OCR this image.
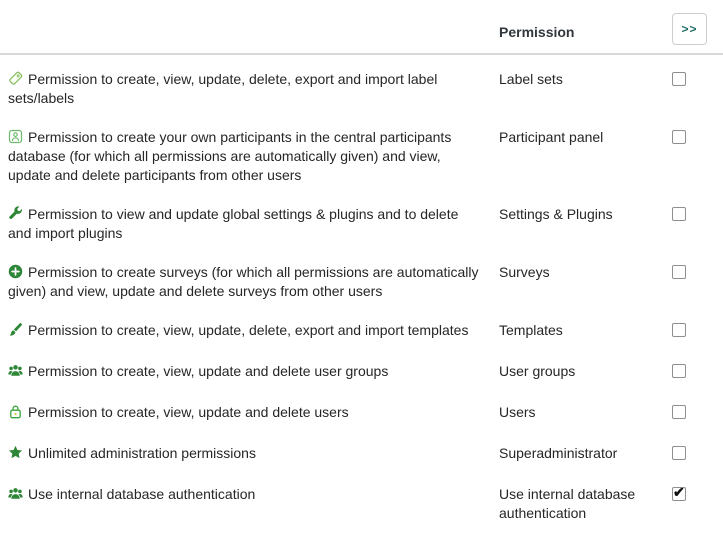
	Permission	>>

Permission to create, view, update, delete, export and import label sets/labels	Label sets	

Permission to create your own participants in the central participants database (for which all permissions are automatically given) and view, update and delete participants from other users	Participant panel	

Permission to view and update global settings & plugins and to delete and import plugins	Settings & Plugins	

Permission to create surveys (for which all permissions are automatically given) and view, update and delete surveys from other users	Surveys	

Permission to create, view, update, delete, export and import templates	Templates	

Permission to create, view, update and delete user groups	User groups	

Permission to create, view, update and delete users	Users	

Unlimited administration permissions	Superadministrator	

Use internal database authentication	Use internal database authentication	
